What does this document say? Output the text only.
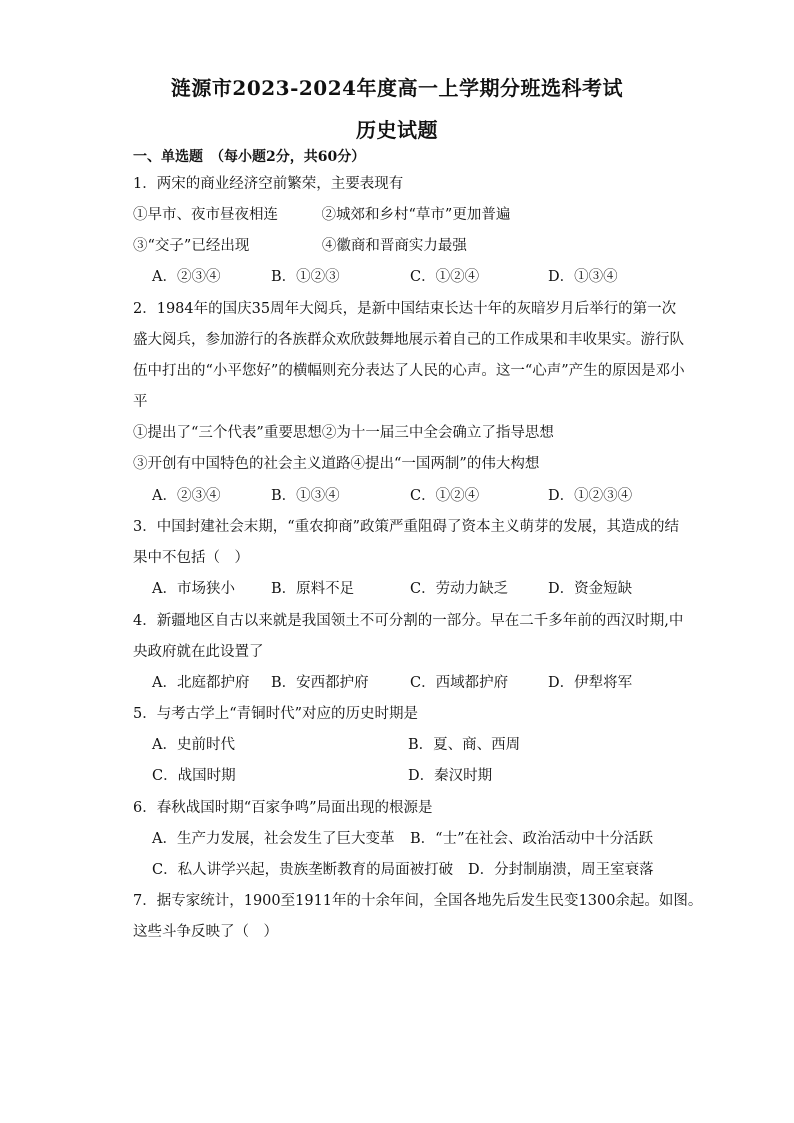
涟源市2023-2024年度高一上学期分班选科考试
历史试题
一、单选题　（每小题2分，共60分）
1．两宋的商业经济空前繁荣，主要表现有
①早市、夜市昼夜相连　　　②城郊和乡村“草市”更加普遍
③“交子”已经出现　　　　　④徽商和晋商实力最强
A．②③④	B．①②③	C．①②④	D．①③④
2．1984年的国庆35周年大阅兵，是新中国结束长达十年的灰暗岁月后举行的第一次
盛大阅兵，参加游行的各族群众欢欣鼓舞地展示着自己的工作成果和丰收果实。游行队
伍中打出的“小平您好”的横幅则充分表达了人民的心声。这一“心声”产生的原因是邓小
平
①提出了“三个代表”重要思想②为十一届三中全会确立了指导思想
③开创有中国特色的社会主义道路④提出“一国两制”的伟大构想
A．②③④	B．①③④	C．①②④	D．①②③④
3．中国封建社会末期，“重农抑商”政策严重阻碍了资本主义萌芽的发展，其造成的结
果中不包括（　）
A．市场狭小 B．原料不足	C．劳动力缺乏	D．资金短缺
4．新疆地区自古以来就是我国领土不可分割的一部分。早在二千多年前的西汉时期,中
央政府就在此设置了
A．北庭都护府 B．安西都护府	C．西域都护府	D．伊犁将军
5．与考古学上“青铜时代”对应的历史时期是
A．史前时代	B．夏、商、西周
C．战国时期	D．秦汉时期
6．春秋战国时期“百家争鸣”局面出现的根源是
A．生产力发展，社会发生了巨大变革 B．“士”在社会、政治活动中十分活跃
C．私人讲学兴起，贵族垄断教育的局面被打破 D．分封制崩溃，周王室衰落
7．据专家统计，1900至1911年的十余年间，全国各地先后发生民变1300余起。如图。
这些斗争反映了（　）
